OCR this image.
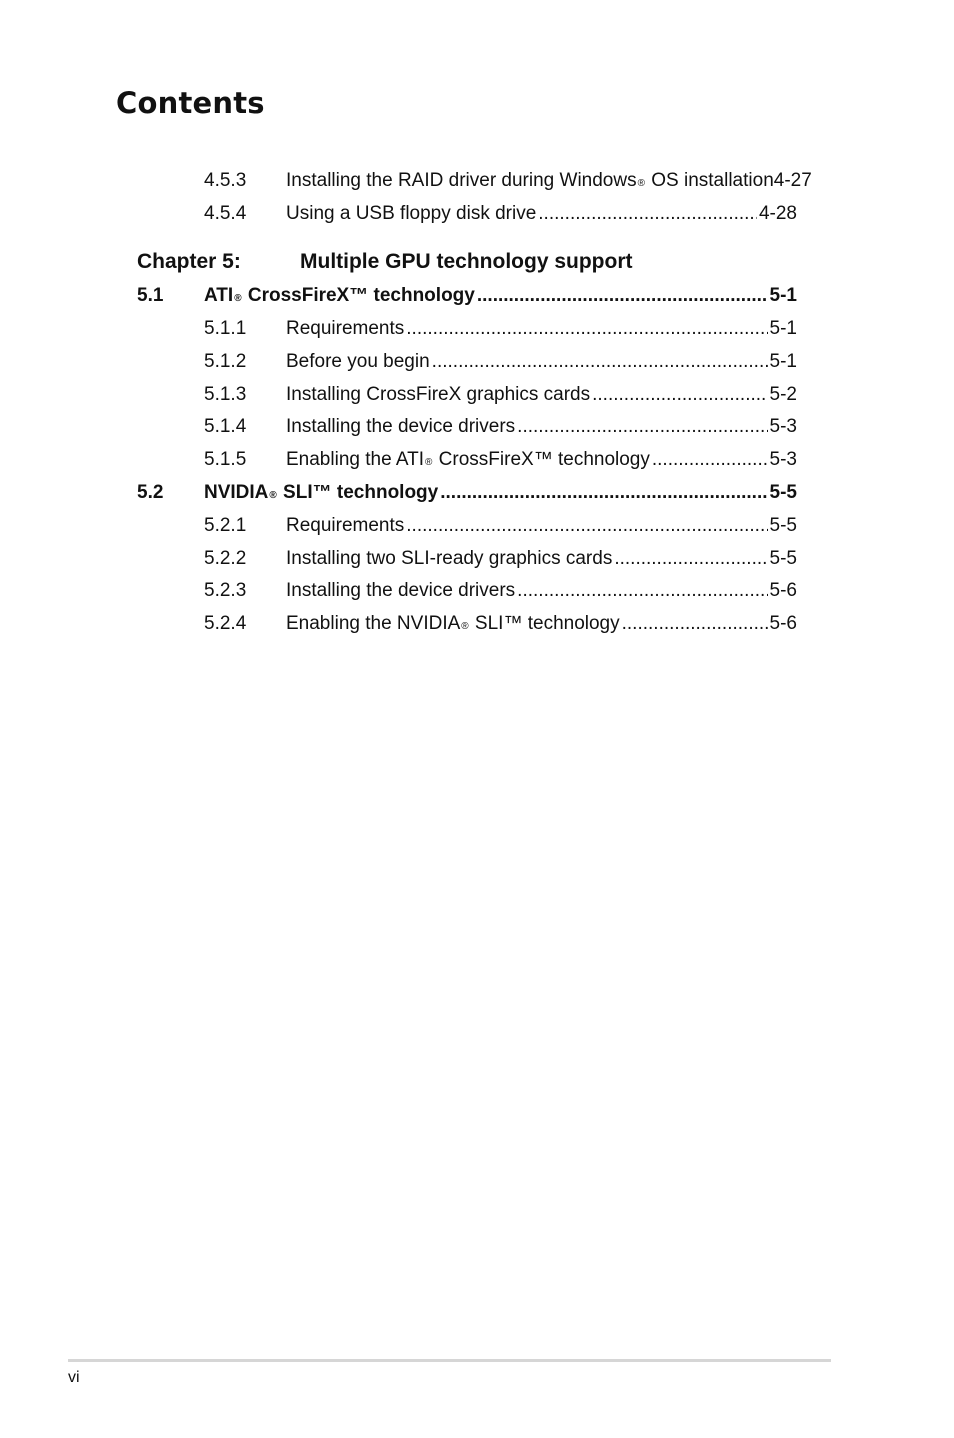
Contents
4.5.3 Installing the RAID driver during Windows ® OS installation 4-27
4.5.4 Using a USB floppy disk drive .....	4-28
Chapter 5:	Multiple GPU technology support
5.1 ATI ® CrossFireX™ technology .....	5-1
5.1.1 Requirements .....	5-1
5.1.2 Before you begin .....	5-1
5.1.3 Installing CrossFireX graphics cards .....	5-2
5.1.4 Installing the device drivers .....	5-3
5.1.5 Enabling the ATI ® CrossFireX™ technology .....	5-3
5.2 NVIDIA ® SLI™ technology .....	5-5
5.2.1 Requirements .....	5-5
5.2.2 Installing two SLI-ready graphics cards .....	5-5
5.2.3 Installing the device drivers .....	5-6
5.2.4 Enabling the NVIDIA ® SLI™ technology .....	5-6
vi
